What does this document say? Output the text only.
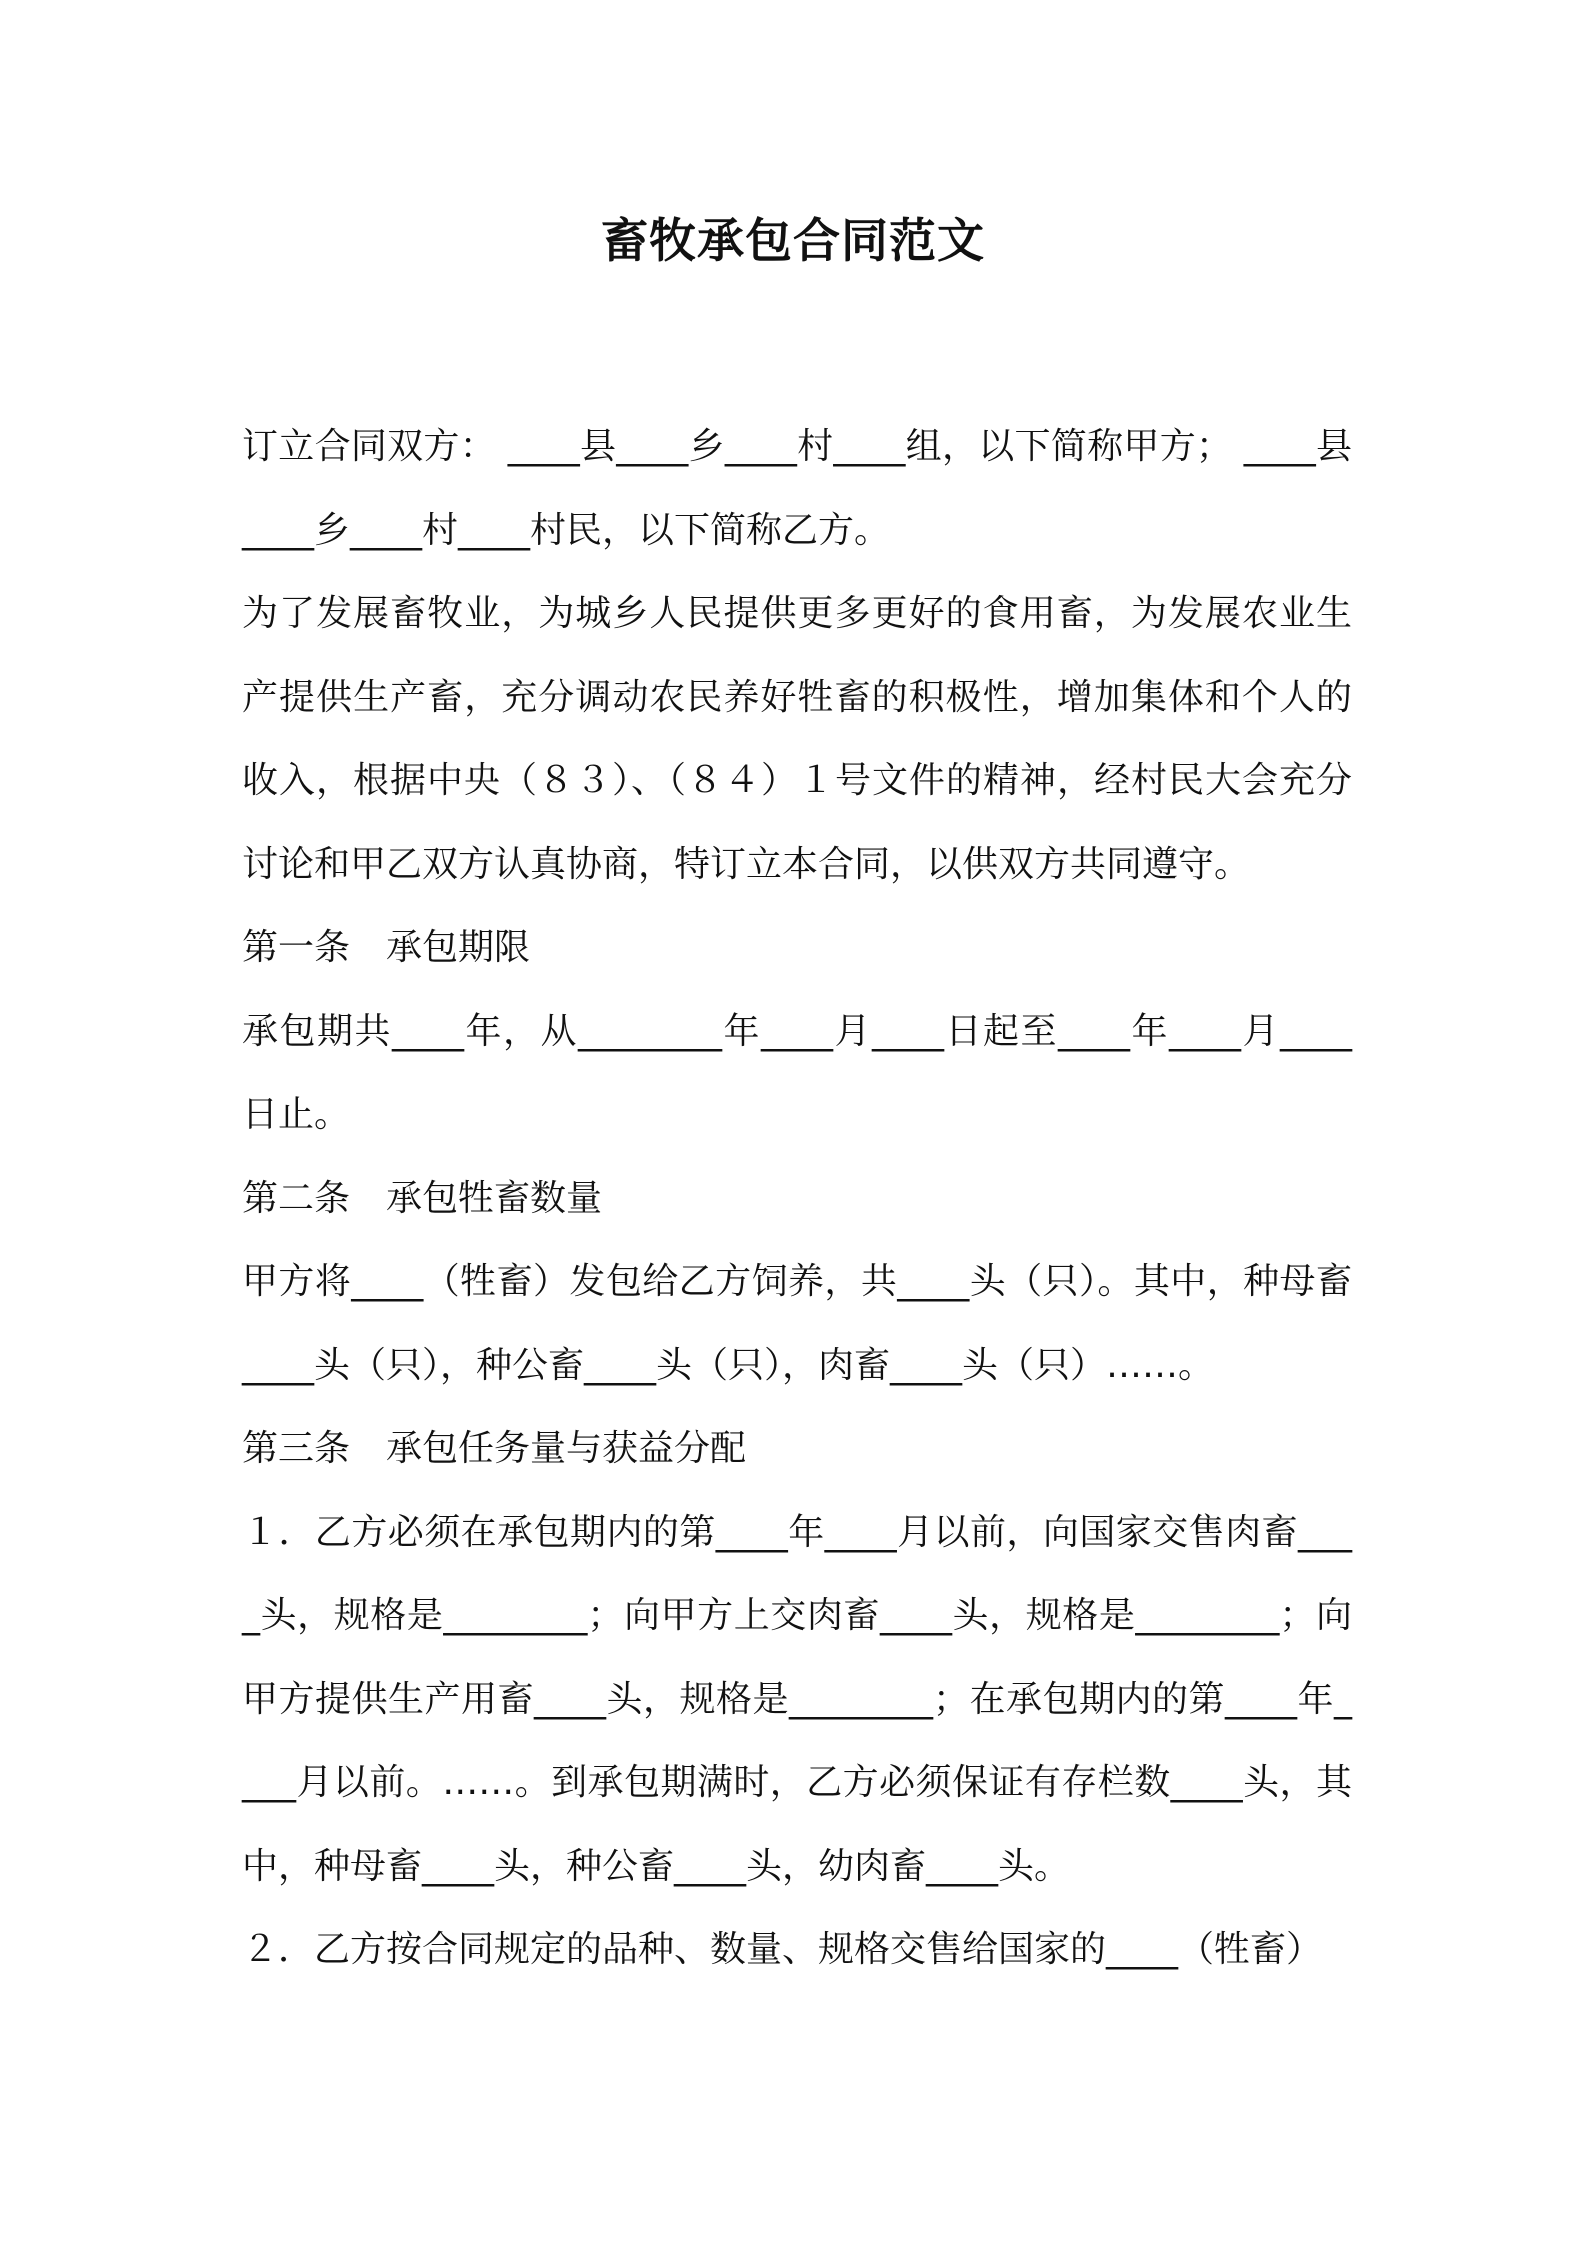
畜牧承包合同范文

订立合同双方： ____县____乡____村____组，以下简称甲方； ____县____乡____村____村民，以下简称乙方。

为了发展畜牧业，为城乡人民提供更多更好的食用畜，为发展农业生产提供生产畜，充分调动农民养好牲畜的积极性，增加集体和个人的收入，根据中央（８３）、（８４）１号文件的精神，经村民大会充分讨论和甲乙双方认真协商，特订立本合同，以供双方共同遵守。

第一条　承包期限

承包期共____年，从________年____月____日起至____年____月____日止。

第二条　承包牲畜数量

甲方将____（牲畜）发包给乙方饲养，共____头（只）。其中，种母畜____头（只），种公畜____头（只），肉畜____头（只）……。

第三条　承包任务量与获益分配

１．乙方必须在承包期内的第____年____月以前，向国家交售肉畜____头，规格是________；向甲方上交肉畜____头，规格是________；向甲方提供生产用畜____头，规格是________；在承包期内的第____年____月以前。……。到承包期满时，乙方必须保证有存栏数____头，其中，种母畜____头，种公畜____头，幼肉畜____头。

２．乙方按合同规定的品种、数量、规格交售给国家的____（牲畜）
